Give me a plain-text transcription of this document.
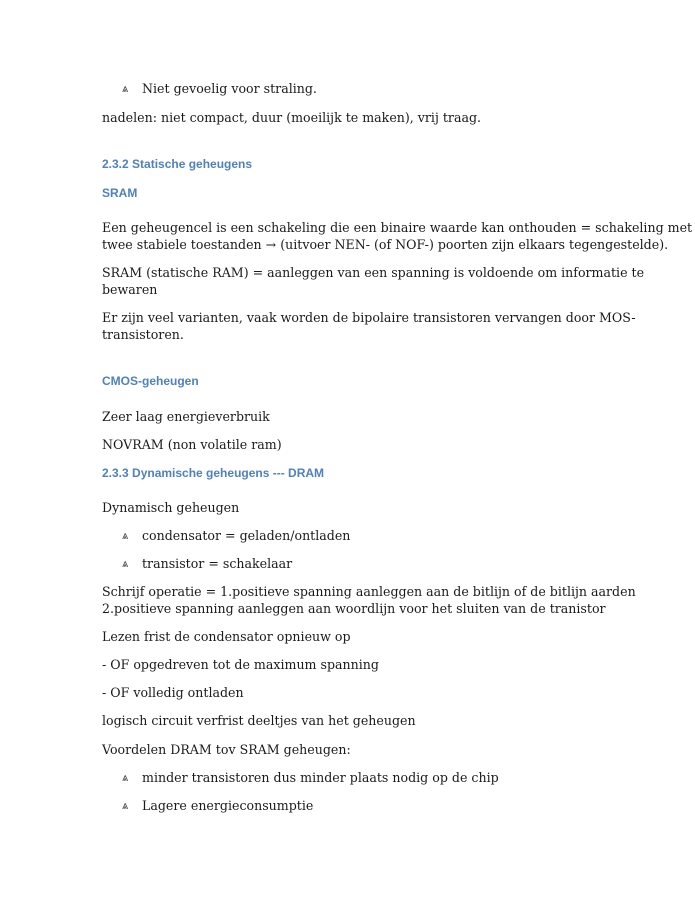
⩓ Niet gevoelig voor straling.
nadelen: niet compact, duur (moeilijk te maken), vrij traag.
2.3.2 Statische geheugens
SRAM
Een geheugencel is een schakeling die een binaire waarde kan onthouden = schakeling met
twee stabiele toestanden → (uitvoer NEN- (of NOF-) poorten zijn elkaars tegengestelde).
SRAM (statische RAM) = aanleggen van een spanning is voldoende om informatie te
bewaren
Er zijn veel varianten, vaak worden de bipolaire transistoren vervangen door MOS-
transistoren.
CMOS-geheugen
Zeer laag energieverbruik
NOVRAM (non volatile ram)
2.3.3 Dynamische geheugens --- DRAM
Dynamisch geheugen
⩓ condensator = geladen/ontladen
⩓ transistor = schakelaar
Schrijf operatie = 1.positieve spanning aanleggen aan de bitlijn of de bitlijn aarden
2.positieve spanning aanleggen aan woordlijn voor het sluiten van de tranistor
Lezen frist de condensator opnieuw op
- OF opgedreven tot de maximum spanning
- OF volledig ontladen
logisch circuit verfrist deeltjes van het geheugen
Voordelen DRAM tov SRAM geheugen:
⩓ minder transistoren dus minder plaats nodig op de chip
⩓ Lagere energieconsumptie
